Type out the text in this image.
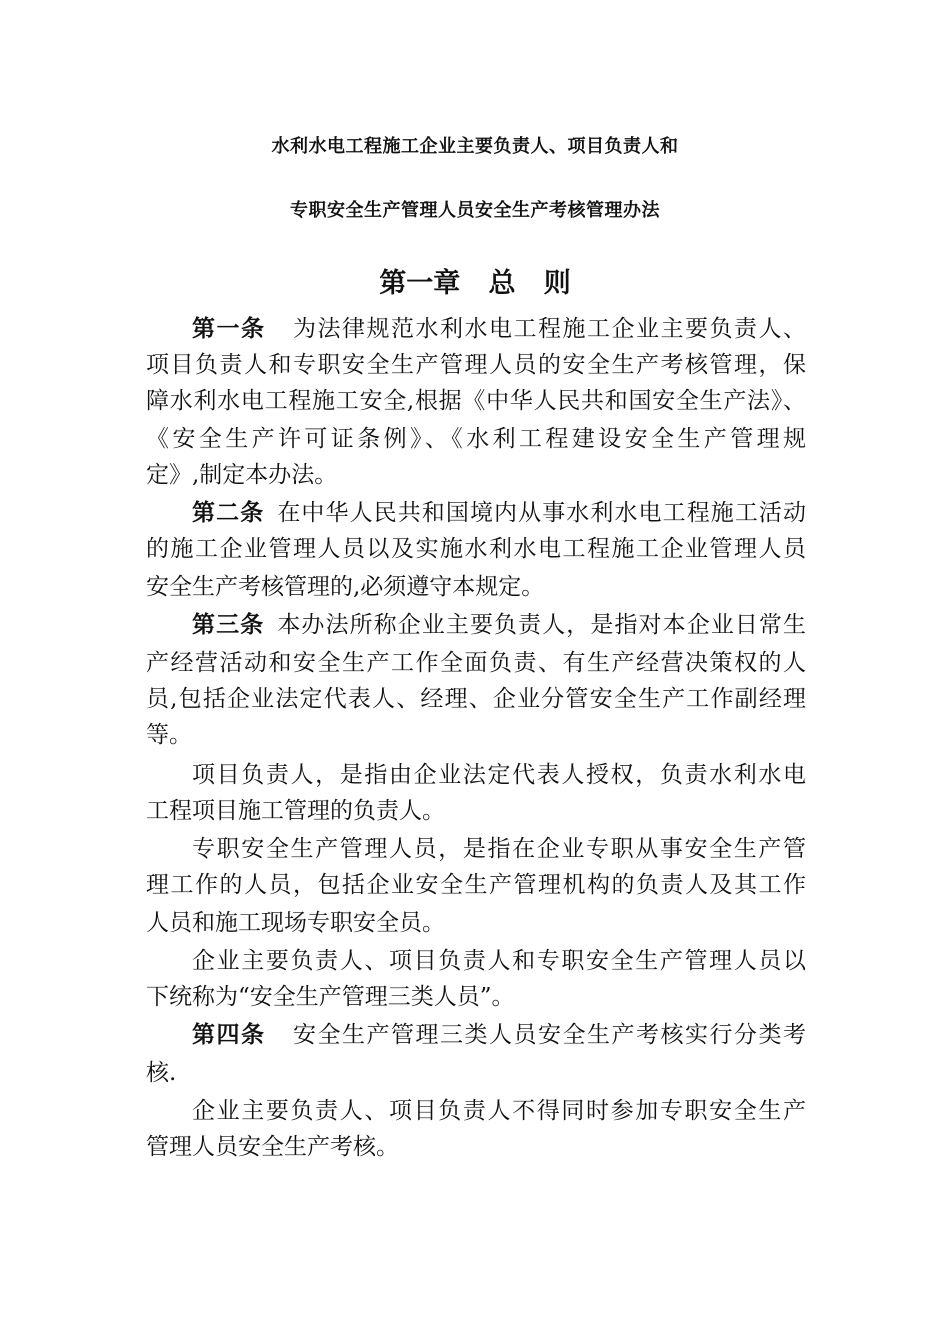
水利水电工程施工企业主要负责人、项目负责人和
专职安全生产管理人员安全生产考核管理办法
第一章   总   则
第一条 为法律规范水利水电工程施工企业主要负责人、
项目负责人和专职安全生产管理人员的安全生产考核管理，保
障水利水电工程施工安全,根据《中华人民共和国安全生产法》、
《安全生产许可证条例》、《水利工程建设安全生产管理规
定》,制定本办法。
第二条 在中华人民共和国境内从事水利水电工程施工活动
的施工企业管理人员以及实施水利水电工程施工企业管理人员
安全生产考核管理的,必须遵守本规定。
第三条 本办法所称企业主要负责人，是指对本企业日常生
产经营活动和安全生产工作全面负责、有生产经营决策权的人
员,包括企业法定代表人、经理、企业分管安全生产工作副经理
等。
项目负责人，是指由企业法定代表人授权，负责水利水电
工程项目施工管理的负责人。
专职安全生产管理人员，是指在企业专职从事安全生产管
理工作的人员，包括企业安全生产管理机构的负责人及其工作
人员和施工现场专职安全员。
企业主要负责人、项目负责人和专职安全生产管理人员以
下统称为“安全生产管理三类人员”。
第四条 安全生产管理三类人员安全生产考核实行分类考
核.
企业主要负责人、项目负责人不得同时参加专职安全生产
管理人员安全生产考核。
